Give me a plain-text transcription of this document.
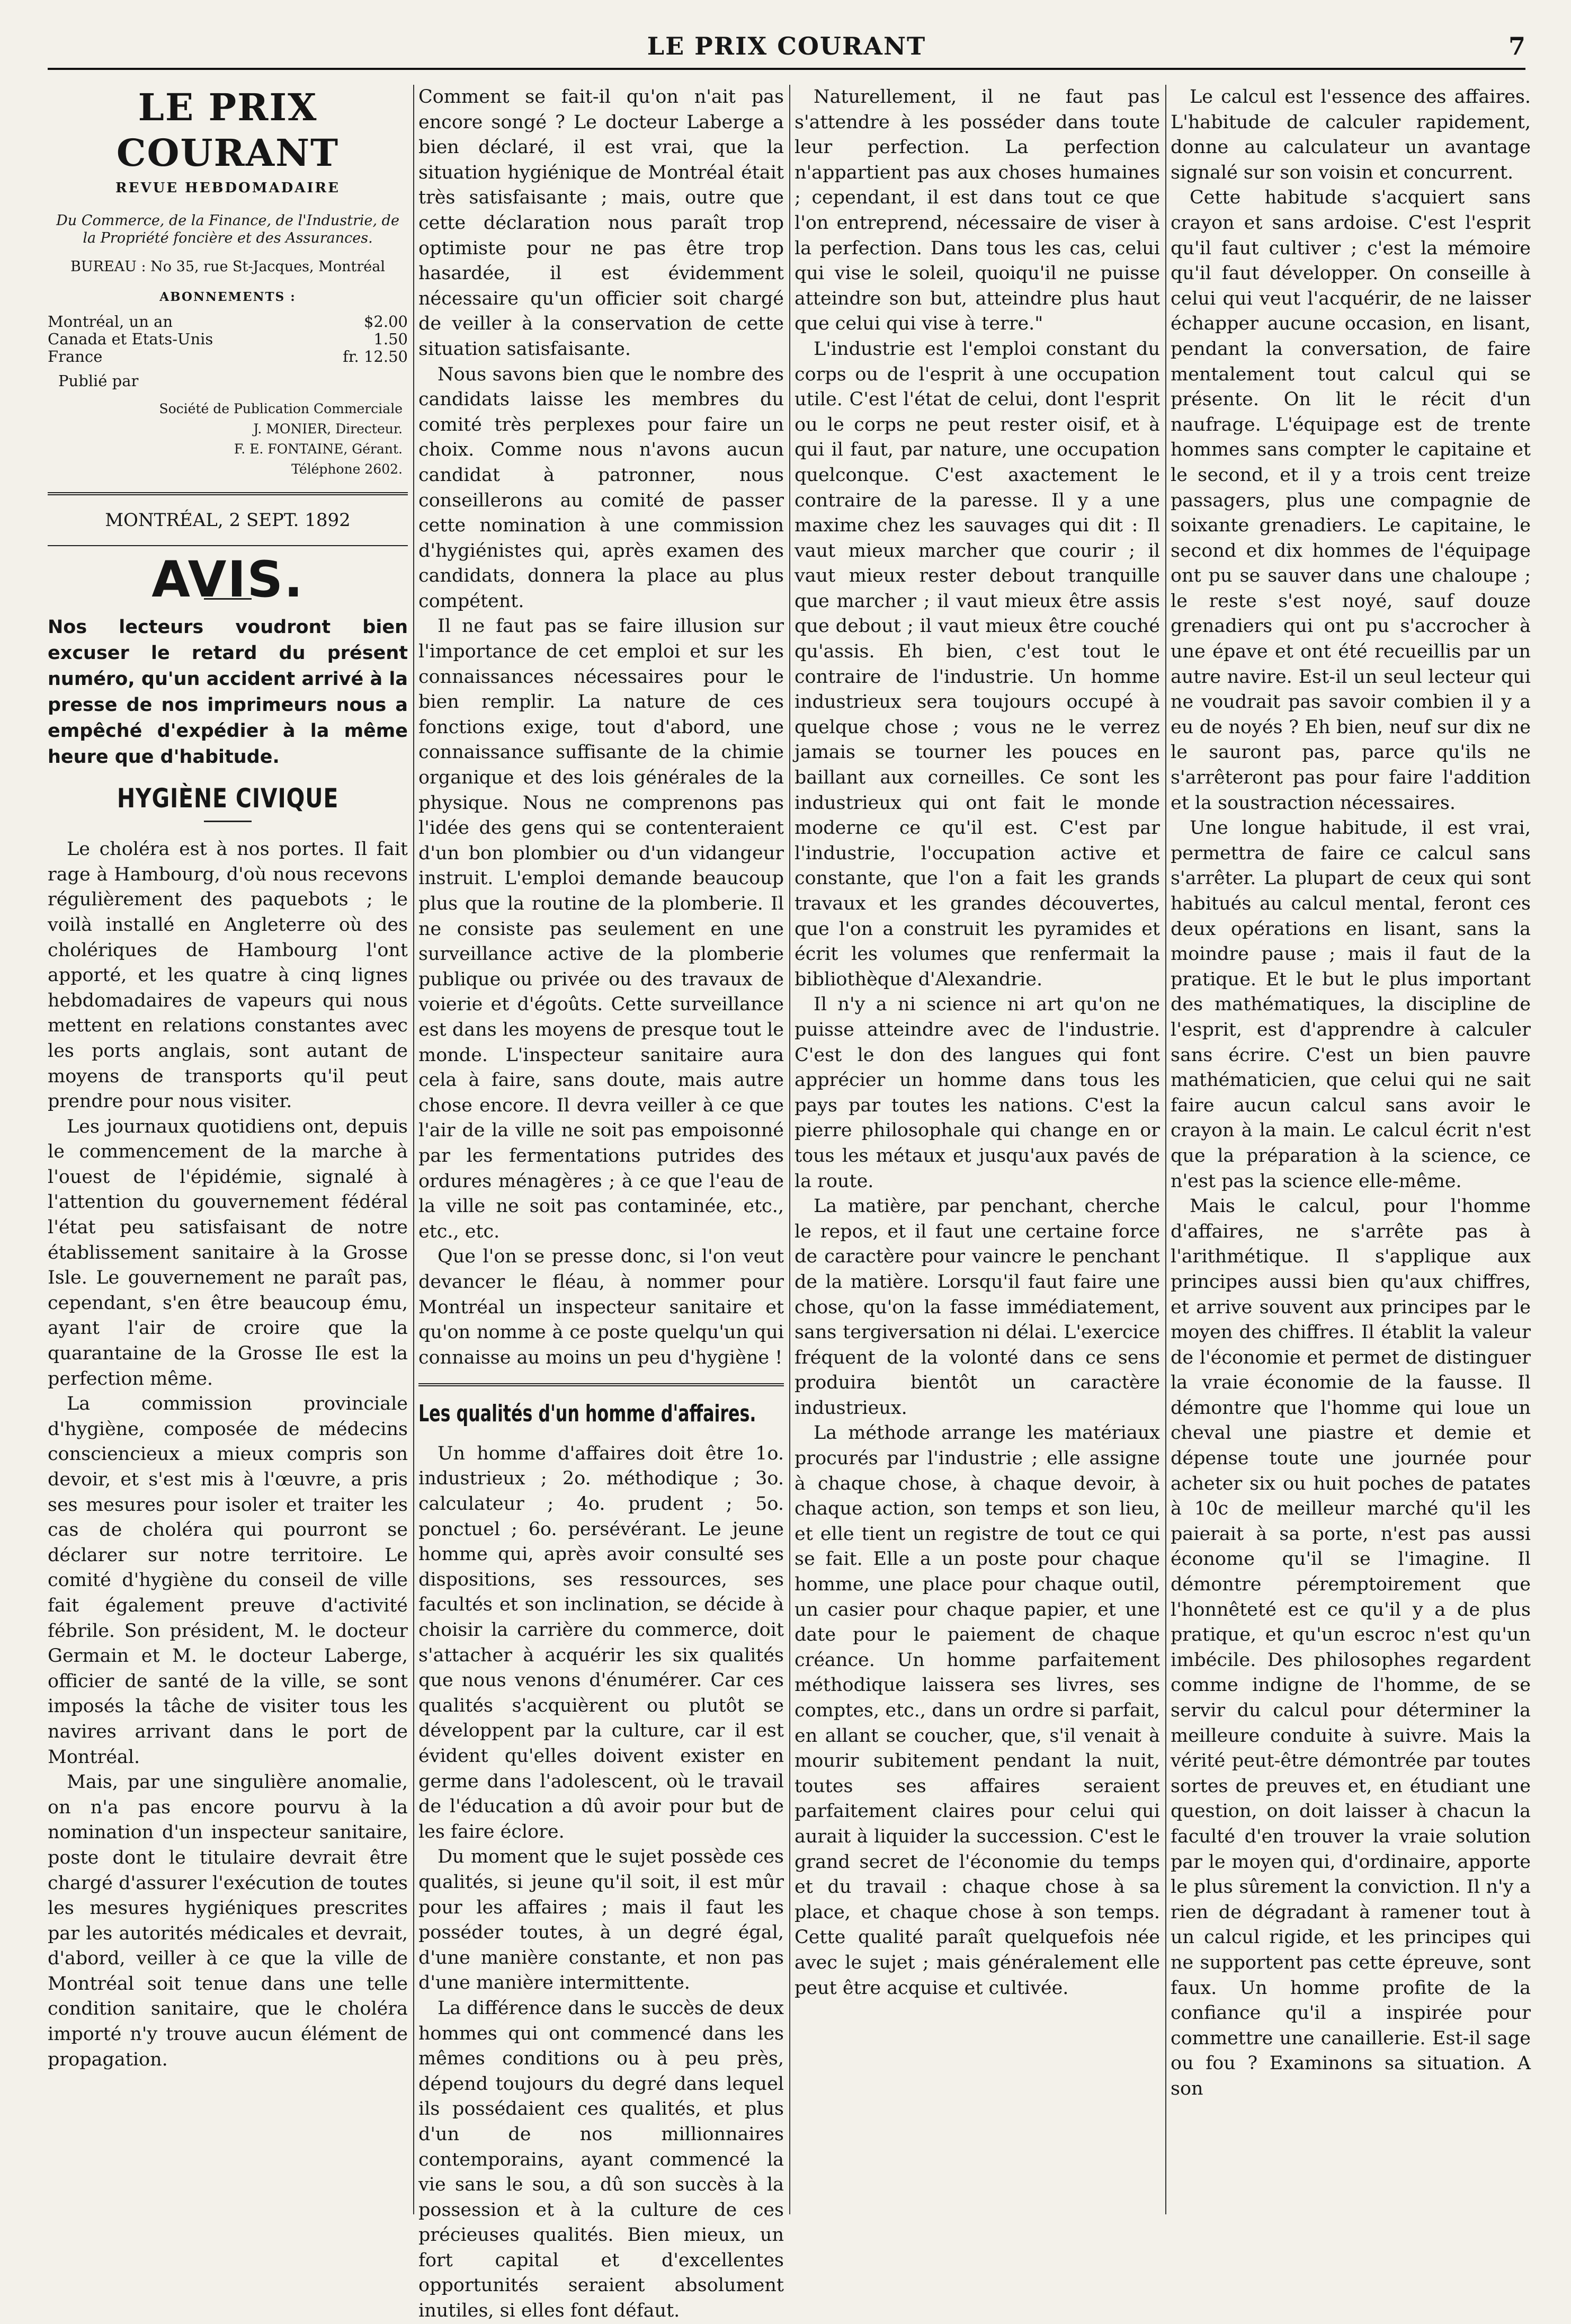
LE PRIX COURANT	7
LE PRIX COURANT
REVUE HEBDOMADAIRE
Du Commerce, de la Finance, de l'Industrie, de la Propriété foncière et des Assurances.
BUREAU : No 35, rue St-Jacques, Montréal
ABONNEMENTS :
Montréal, un an	$2.00
Canada et Etats-Unis	1.50
France	fr. 12.50
Publié par
Société de Publication Commerciale
J. MONIER, Directeur.
F. E. FONTAINE, Gérant.
Téléphone 2602.
MONTRÉAL, 2 SEPT. 1892
AVIS.
Nos lecteurs voudront bien excuser le retard du présent numéro, qu'un accident arrivé à la presse de nos imprimeurs nous a empêché d'expédier à la même heure que d'habitude.
HYGIÈNE CIVIQUE

Le choléra est à nos portes. Il fait rage à Hambourg, d'où nous recevons régulièrement des paquebots ; le voilà installé en Angleterre où des cholériques de Hambourg l'ont apporté, et les quatre à cinq lignes hebdomadaires de vapeurs qui nous mettent en relations constantes avec les ports anglais, sont autant de moyens de transports qu'il peut prendre pour nous visiter.

Les journaux quotidiens ont, depuis le commencement de la marche à l'ouest de l'épidémie, signalé à l'attention du gouvernement fédéral l'état peu satisfaisant de notre établissement sanitaire à la Grosse Isle. Le gouvernement ne paraît pas, cependant, s'en être beaucoup ému, ayant l'air de croire que la quarantaine de la Grosse Ile est la perfection même.

La commission provinciale d'hygiène, composée de médecins consciencieux a mieux compris son devoir, et s'est mis à l'œuvre, a pris ses mesures pour isoler et traiter les cas de choléra qui pourront se déclarer sur notre territoire. Le comité d'hygiène du conseil de ville fait également preuve d'activité fébrile. Son président, M. le docteur Germain et M. le docteur Laberge, officier de santé de la ville, se sont imposés la tâche de visiter tous les navires arrivant dans le port de Montréal.

Mais, par une singulière anomalie, on n'a pas encore pourvu à la nomination d'un inspecteur sanitaire, poste dont le titulaire devrait être chargé d'assurer l'exécution de toutes les mesures hygiéniques prescrites par les autorités médicales et devrait, d'abord, veiller à ce que la ville de Montréal soit tenue dans une telle condition sanitaire, que le choléra importé n'y trouve aucun élément de propagation.

Comment se fait-il qu'on n'ait pas encore songé ? Le docteur Laberge a bien déclaré, il est vrai, que la situation hygiénique de Montréal était très satisfaisante ; mais, outre que cette déclaration nous paraît trop optimiste pour ne pas être trop hasardée, il est évidemment nécessaire qu'un officier soit chargé de veiller à la conservation de cette situation satisfaisante.

Nous savons bien que le nombre des candidats laisse les membres du comité très perplexes pour faire un choix. Comme nous n'avons aucun candidat à patronner, nous conseillerons au comité de passer cette nomination à une commission d'hygiénistes qui, après examen des candidats, donnera la place au plus compétent.

Il ne faut pas se faire illusion sur l'importance de cet emploi et sur les connaissances nécessaires pour le bien remplir. La nature de ces fonctions exige, tout d'abord, une connaissance suffisante de la chimie organique et des lois générales de la physique. Nous ne comprenons pas l'idée des gens qui se contenteraient d'un bon plombier ou d'un vidangeur instruit. L'emploi demande beaucoup plus que la routine de la plomberie. Il ne consiste pas seulement en une surveillance active de la plomberie publique ou privée ou des travaux de voierie et d'égoûts. Cette surveillance est dans les moyens de presque tout le monde. L'inspecteur sanitaire aura cela à faire, sans doute, mais autre chose encore. Il devra veiller à ce que l'air de la ville ne soit pas empoisonné par les fermentations putrides des ordures ménagères ; à ce que l'eau de la ville ne soit pas contaminée, etc., etc., etc.

Que l'on se presse donc, si l'on veut devancer le fléau, à nommer pour Montréal un inspecteur sanitaire et qu'on nomme à ce poste quelqu'un qui connaisse au moins un peu d'hygiène !

Les qualités d'un homme d'affaires.

Un homme d'affaires doit être 1o. industrieux ; 2o. méthodique ; 3o. calculateur ; 4o. prudent ; 5o. ponctuel ; 6o. persévérant. Le jeune homme qui, après avoir consulté ses dispositions, ses ressources, ses facultés et son inclination, se décide à choisir la carrière du commerce, doit s'attacher à acquérir les six qualités que nous venons d'énumérer. Car ces qualités s'acquièrent ou plutôt se développent par la culture, car il est évident qu'elles doivent exister en germe dans l'adolescent, où le travail de l'éducation a dû avoir pour but de les faire éclore.

Du moment que le sujet possède ces qualités, si jeune qu'il soit, il est mûr pour les affaires ; mais il faut les posséder toutes, à un degré égal, d'une manière constante, et non pas d'une manière intermittente.

La différence dans le succès de deux hommes qui ont commencé dans les mêmes conditions ou à peu près, dépend toujours du degré dans lequel ils possédaient ces qualités, et plus d'un de nos millionnaires contemporains, ayant commencé la vie sans le sou, a dû son succès à la possession et à la culture de ces précieuses qualités. Bien mieux, un fort capital et d'excellentes opportunités seraient absolument inutiles, si elles font défaut.

Naturellement, il ne faut pas s'attendre à les posséder dans toute leur perfection. La perfection n'appartient pas aux choses humaines ; cependant, il est dans tout ce que l'on entreprend, nécessaire de viser à la perfection. Dans tous les cas, celui qui vise le soleil, quoiqu'il ne puisse atteindre son but, atteindre plus haut que celui qui vise à terre."

L'industrie est l'emploi constant du corps ou de l'esprit à une occupation utile. C'est l'état de celui, dont l'esprit ou le corps ne peut rester oisif, et à qui il faut, par nature, une occupation quelconque. C'est axactement le contraire de la paresse. Il y a une maxime chez les sauvages qui dit : Il vaut mieux marcher que courir ; il vaut mieux rester debout tranquille que marcher ; il vaut mieux être assis que debout ; il vaut mieux être couché qu'assis. Eh bien, c'est tout le contraire de l'industrie. Un homme industrieux sera toujours occupé à quelque chose ; vous ne le verrez jamais se tourner les pouces en baillant aux corneilles. Ce sont les industrieux qui ont fait le monde moderne ce qu'il est. C'est par l'industrie, l'occupation active et constante, que l'on a fait les grands travaux et les grandes découvertes, que l'on a construit les pyramides et écrit les volumes que renfermait la bibliothèque d'Alexandrie.

Il n'y a ni science ni art qu'on ne puisse atteindre avec de l'industrie. C'est le don des langues qui font apprécier un homme dans tous les pays par toutes les nations. C'est la pierre philosophale qui change en or tous les métaux et jusqu'aux pavés de la route.

La matière, par penchant, cherche le repos, et il faut une certaine force de caractère pour vaincre le penchant de la matière. Lorsqu'il faut faire une chose, qu'on la fasse immédiatement, sans tergiversation ni délai. L'exercice fréquent de la volonté dans ce sens produira bientôt un caractère industrieux.

La méthode arrange les matériaux procurés par l'industrie ; elle assigne à chaque chose, à chaque devoir, à chaque action, son temps et son lieu, et elle tient un registre de tout ce qui se fait. Elle a un poste pour chaque homme, une place pour chaque outil, un casier pour chaque papier, et une date pour le paiement de chaque créance. Un homme parfaitement méthodique laissera ses livres, ses comptes, etc., dans un ordre si parfait, en allant se coucher, que, s'il venait à mourir subitement pendant la nuit, toutes ses affaires seraient parfaitement claires pour celui qui aurait à liquider la succession. C'est le grand secret de l'économie du temps et du travail : chaque chose à sa place, et chaque chose à son temps. Cette qualité paraît quelquefois née avec le sujet ; mais généralement elle peut être acquise et cultivée.

Le calcul est l'essence des affaires. L'habitude de calculer rapidement, donne au calculateur un avantage signalé sur son voisin et concurrent.

Cette habitude s'acquiert sans crayon et sans ardoise. C'est l'esprit qu'il faut cultiver ; c'est la mémoire qu'il faut développer. On conseille à celui qui veut l'acquérir, de ne laisser échapper aucune occasion, en lisant, pendant la conversation, de faire mentalement tout calcul qui se présente. On lit le récit d'un naufrage. L'équipage est de trente hommes sans compter le capitaine et le second, et il y a trois cent treize passagers, plus une compagnie de soixante grenadiers. Le capitaine, le second et dix hommes de l'équipage ont pu se sauver dans une chaloupe ; le reste s'est noyé, sauf douze grenadiers qui ont pu s'accrocher à une épave et ont été recueillis par un autre navire. Est-il un seul lecteur qui ne voudrait pas savoir combien il y a eu de noyés ? Eh bien, neuf sur dix ne le sauront pas, parce qu'ils ne s'arrêteront pas pour faire l'addition et la soustraction nécessaires.

Une longue habitude, il est vrai, permettra de faire ce calcul sans s'arrêter. La plupart de ceux qui sont habitués au calcul mental, feront ces deux opérations en lisant, sans la moindre pause ; mais il faut de la pratique. Et le but le plus important des mathématiques, la discipline de l'esprit, est d'apprendre à calculer sans écrire. C'est un bien pauvre mathématicien, que celui qui ne sait faire aucun calcul sans avoir le crayon à la main. Le calcul écrit n'est que la préparation à la science, ce n'est pas la science elle-même.

Mais le calcul, pour l'homme d'affaires, ne s'arrête pas à l'arithmétique. Il s'applique aux principes aussi bien qu'aux chiffres, et arrive souvent aux principes par le moyen des chiffres. Il établit la valeur de l'économie et permet de distinguer la vraie économie de la fausse. Il démontre que l'homme qui loue un cheval une piastre et demie et dépense toute une journée pour acheter six ou huit poches de patates à 10c de meilleur marché qu'il les paierait à sa porte, n'est pas aussi économe qu'il se l'imagine. Il démontre péremptoirement que l'honnêteté est ce qu'il y a de plus pratique, et qu'un escroc n'est qu'un imbécile. Des philosophes regardent comme indigne de l'homme, de se servir du calcul pour déterminer la meilleure conduite à suivre. Mais la vérité peut-être démontrée par toutes sortes de preuves et, en étudiant une question, on doit laisser à chacun la faculté d'en trouver la vraie solution par le moyen qui, d'ordinaire, apporte le plus sûrement la conviction. Il n'y a rien de dégradant à ramener tout à un calcul rigide, et les principes qui ne supportent pas cette épreuve, sont faux. Un homme profite de la confiance qu'il a inspirée pour commettre une canaillerie. Est-il sage ou fou ? Examinons sa situation. A son
